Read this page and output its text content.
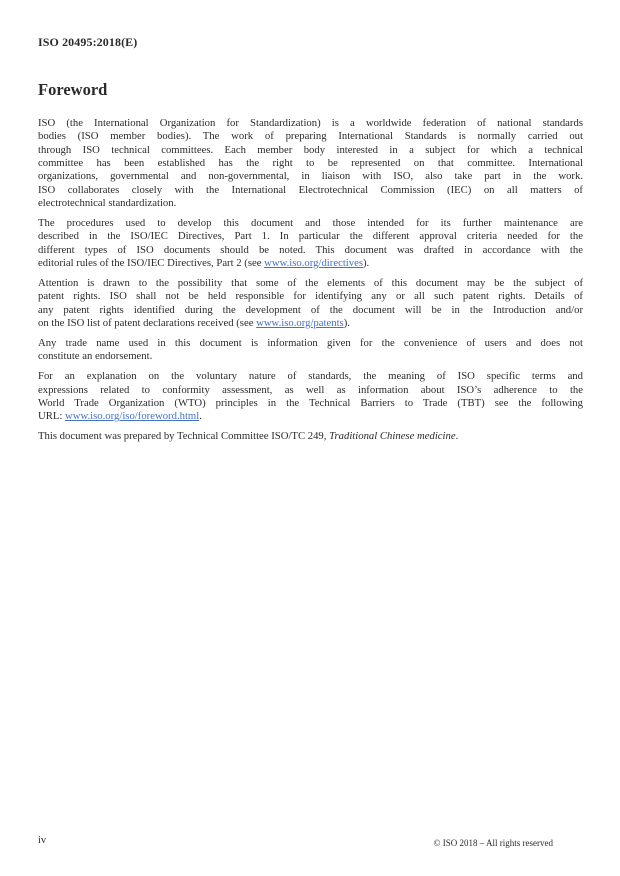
ISO 20495:2018(E)
Foreword
ISO (the International Organization for Standardization) is a worldwide federation of national standards
bodies (ISO member bodies). The work of preparing International Standards is normally carried out
through ISO technical committees. Each member body interested in a subject for which a technical
committee has been established has the right to be represented on that committee. International
organizations, governmental and non-governmental, in liaison with ISO, also take part in the work.
ISO collaborates closely with the International Electrotechnical Commission (IEC) on all matters of
electrotechnical standardization.
The procedures used to develop this document and those intended for its further maintenance are
described in the ISO/IEC Directives, Part 1. In particular the different approval criteria needed for the
different types of ISO documents should be noted. This document was drafted in accordance with the
editorial rules of the ISO/IEC Directives, Part 2 (see www.iso.org/directives).
Attention is drawn to the possibility that some of the elements of this document may be the subject of
patent rights. ISO shall not be held responsible for identifying any or all such patent rights. Details of
any patent rights identified during the development of the document will be in the Introduction and/or
on the ISO list of patent declarations received (see www.iso.org/patents).
Any trade name used in this document is information given for the convenience of users and does not
constitute an endorsement.
For an explanation on the voluntary nature of standards, the meaning of ISO specific terms and
expressions related to conformity assessment, as well as information about ISO’s adherence to the
World Trade Organization (WTO) principles in the Technical Barriers to Trade (TBT) see the following
URL: www.iso.org/iso/foreword.html.
This document was prepared by Technical Committee ISO/TC 249, Traditional Chinese medicine.
iv	© ISO 2018 – All rights reserved
